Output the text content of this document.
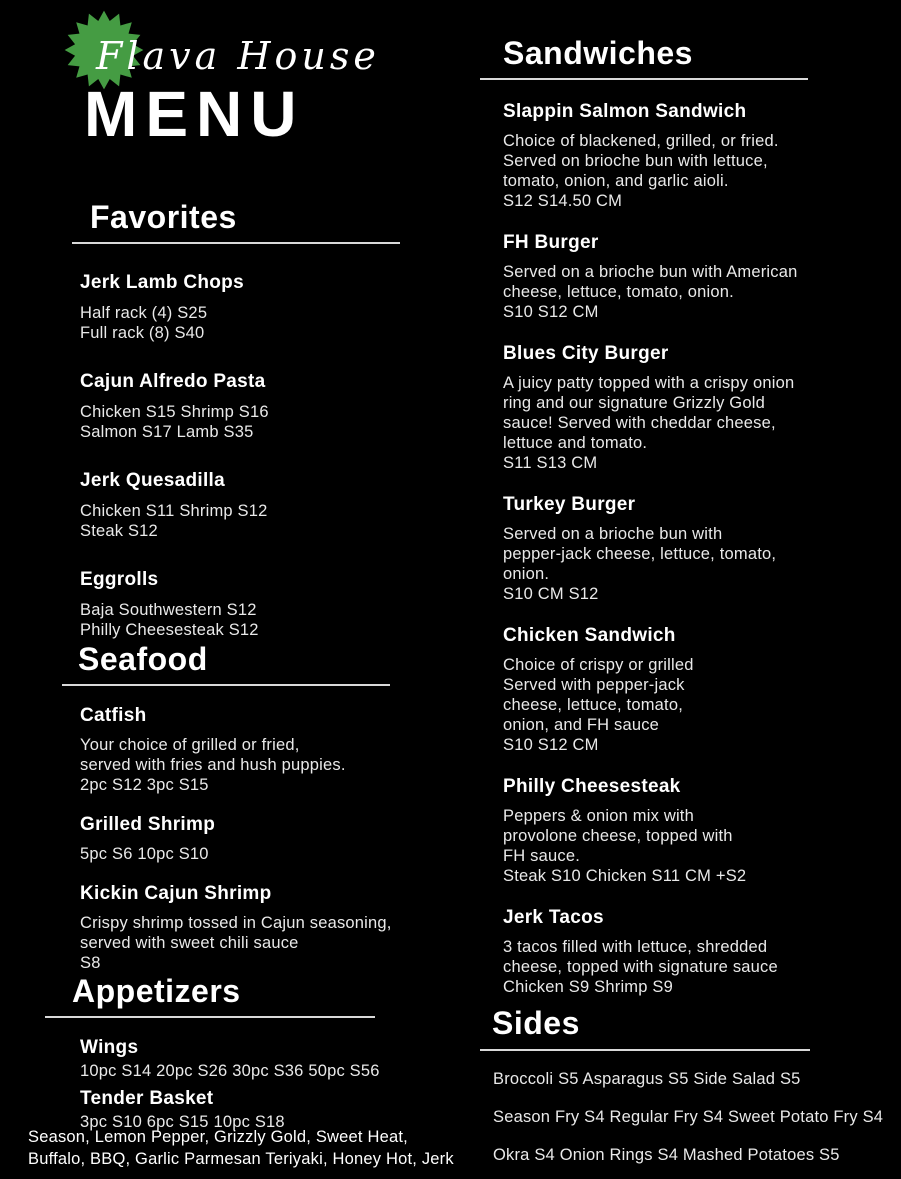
Flava House
MENU
Favorites
Jerk Lamb Chops
Half rack (4) S25
Full rack (8) S40
Cajun Alfredo Pasta
Chicken S15 Shrimp S16
Salmon S17 Lamb S35
Jerk Quesadilla
Chicken S11 Shrimp S12
Steak S12
Eggrolls
Baja Southwestern S12
Philly Cheesesteak S12
Seafood
Catfish
Your choice of grilled or fried,
served with fries and hush puppies.
2pc S12 3pc S15
Grilled Shrimp
5pc S6 10pc S10
Kickin Cajun Shrimp
Crispy shrimp tossed in Cajun seasoning,
served with sweet chili sauce
S8
Appetizers
Wings
10pc S14 20pc S26 30pc S36 50pc S56
Tender Basket
3pc S10 6pc S15 10pc S18
Season, Lemon Pepper, Grizzly Gold, Sweet Heat,
Buffalo, BBQ, Garlic Parmesan Teriyaki, Honey Hot, Jerk
Sandwiches
Slappin Salmon Sandwich
Choice of blackened, grilled, or fried.
Served on brioche bun with lettuce,
tomato, onion, and garlic aioli.
S12 S14.50 CM
FH Burger
Served on a brioche bun with American
cheese, lettuce, tomato, onion.
S10 S12 CM
Blues City Burger
A juicy patty topped with a crispy onion
ring and our signature Grizzly Gold
sauce! Served with cheddar cheese,
lettuce and tomato.
S11 S13 CM
Turkey Burger
Served on a brioche bun with
pepper-jack cheese, lettuce, tomato,
onion.
S10 CM S12
Chicken Sandwich
Choice of crispy or grilled
Served with pepper-jack
cheese, lettuce, tomato,
onion, and FH sauce
S10 S12 CM
Philly Cheesesteak
Peppers & onion mix with
provolone cheese, topped with
FH sauce.
Steak S10 Chicken S11 CM +S2
Jerk Tacos
3 tacos filled with lettuce, shredded
cheese, topped with signature sauce
Chicken S9 Shrimp S9
Sides
Broccoli S5 Asparagus S5 Side Salad S5
Season Fry S4 Regular Fry S4 Sweet Potato Fry S4
Okra S4 Onion Rings S4 Mashed Potatoes S5
